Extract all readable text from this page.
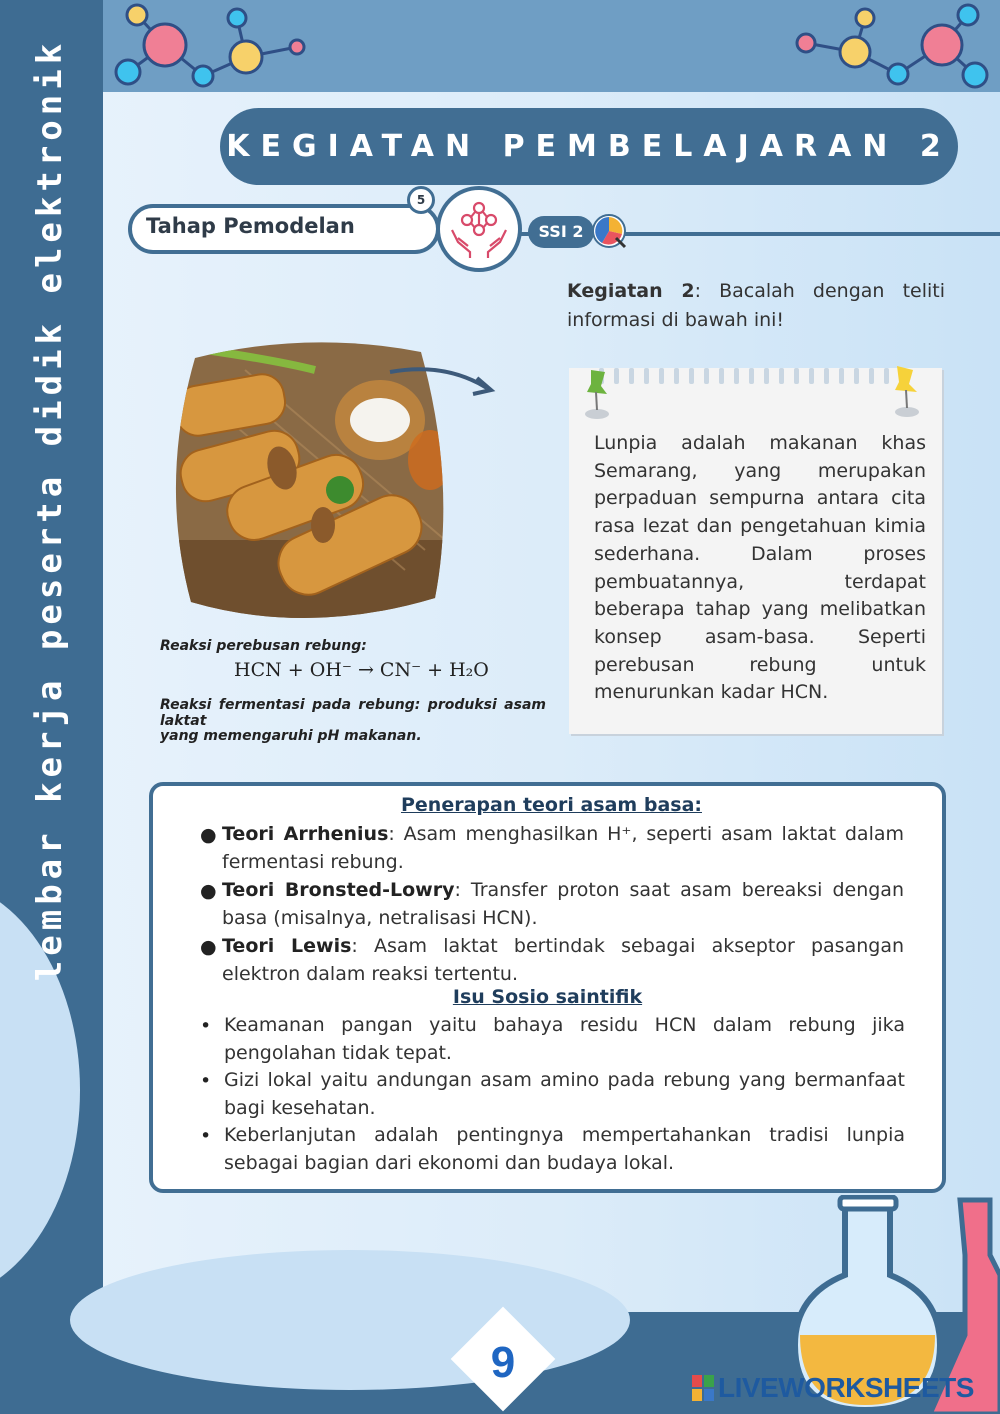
lembar kerja peserta didik elektronik	KEGIATAN PEMBELAJARAN 2
Tahap Pemodelan
5
SSI 2
Kegiatan 2: Bacalah dengan teliti informasi di bawah ini!
Reaksi perebusan rebung:
HCN + OH⁻ → CN⁻ + H₂O
Reaksi fermentasi pada rebung: produksi asam laktat
yang memengaruhi pH makanan.
Lunpia adalah makanan khas Semarang, yang merupakan perpaduan sempurna antara cita rasa lezat dan pengetahuan kimia sederhana. Dalam proses pembuatannya, terdapat beberapa tahap yang melibatkan konsep asam-basa. Seperti perebusan rebung untuk menurunkan kadar HCN.
Penerapan teori asam basa:
● Teori Arrhenius: Asam menghasilkan H⁺, seperti asam laktat dalam fermentasi rebung.
● Teori Bronsted-Lowry: Transfer proton saat asam bereaksi dengan basa (misalnya, netralisasi HCN).
● Teori Lewis: Asam laktat bertindak sebagai akseptor pasangan elektron dalam reaksi tertentu.
Isu Sosio saintifik
• Keamanan pangan yaitu bahaya residu HCN dalam rebung jika pengolahan tidak tepat.
• Gizi lokal yaitu andungan asam amino pada rebung yang bermanfaat bagi kesehatan.
• Keberlanjutan adalah pentingnya mempertahankan tradisi lunpia sebagai bagian dari ekonomi dan budaya lokal.
9
LIVEWORKSHEETS
